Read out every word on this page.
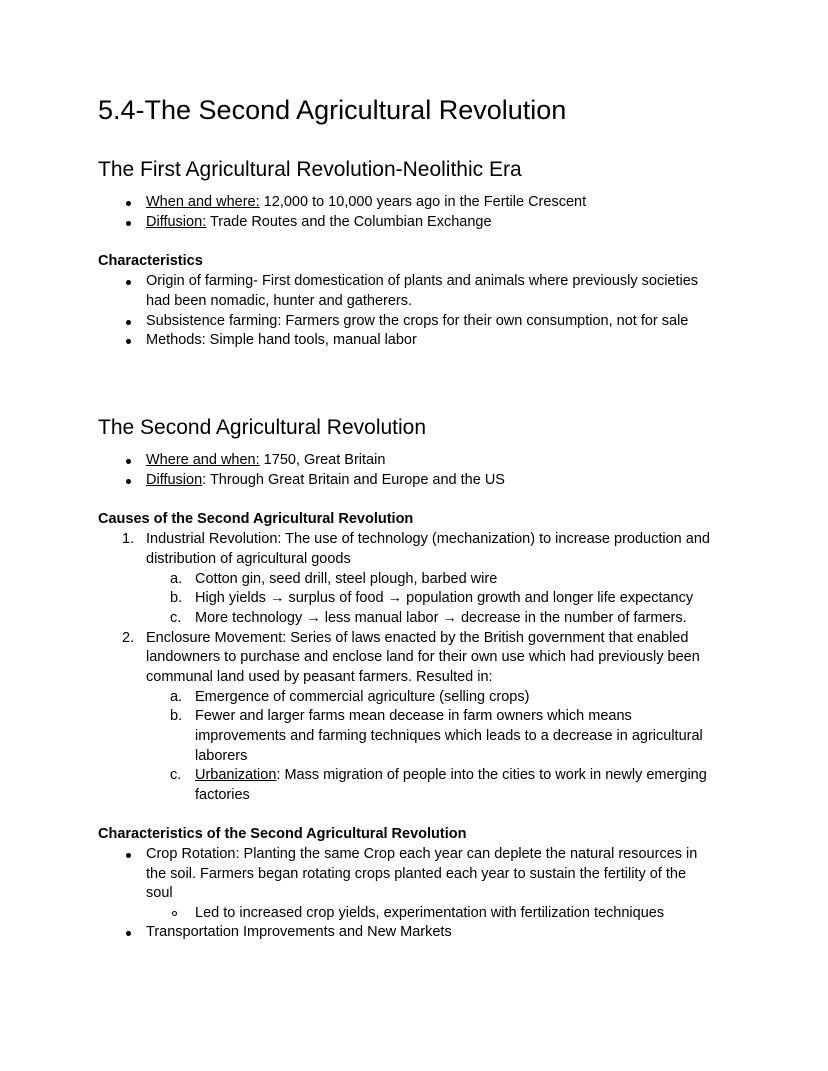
5.4-The Second Agricultural Revolution
The First Agricultural Revolution-Neolithic Era
When and where: 12,000 to 10,000 years ago in the Fertile Crescent
Diffusion: Trade Routes and the Columbian Exchange
Characteristics
Origin of farming- First domestication of plants and animals where previously societies
had been nomadic, hunter and gatherers.
Subsistence farming: Farmers grow the crops for their own consumption, not for sale
Methods: Simple hand tools, manual labor
The Second Agricultural Revolution
Where and when: 1750, Great Britain
Diffusion: Through Great Britain and Europe and the US
Causes of the Second Agricultural Revolution
1. Industrial Revolution: The use of technology (mechanization) to increase production and
distribution of agricultural goods
a. Cotton gin, seed drill, steel plough, barbed wire
b. High yields → surplus of food → population growth and longer life expectancy
c. More technology → less manual labor → decrease in the number of farmers.
2. Enclosure Movement: Series of laws enacted by the British government that enabled
landowners to purchase and enclose land for their own use which had previously been
communal land used by peasant farmers. Resulted in:
a. Emergence of commercial agriculture (selling crops)
b. Fewer and larger farms mean decease in farm owners which means
improvements and farming techniques which leads to a decrease in agricultural
laborers
c. Urbanization: Mass migration of people into the cities to work in newly emerging
factories
Characteristics of the Second Agricultural Revolution
Crop Rotation: Planting the same Crop each year can deplete the natural resources in
the soil. Farmers began rotating crops planted each year to sustain the fertility of the
soul
Led to increased crop yields, experimentation with fertilization techniques
Transportation Improvements and New Markets
